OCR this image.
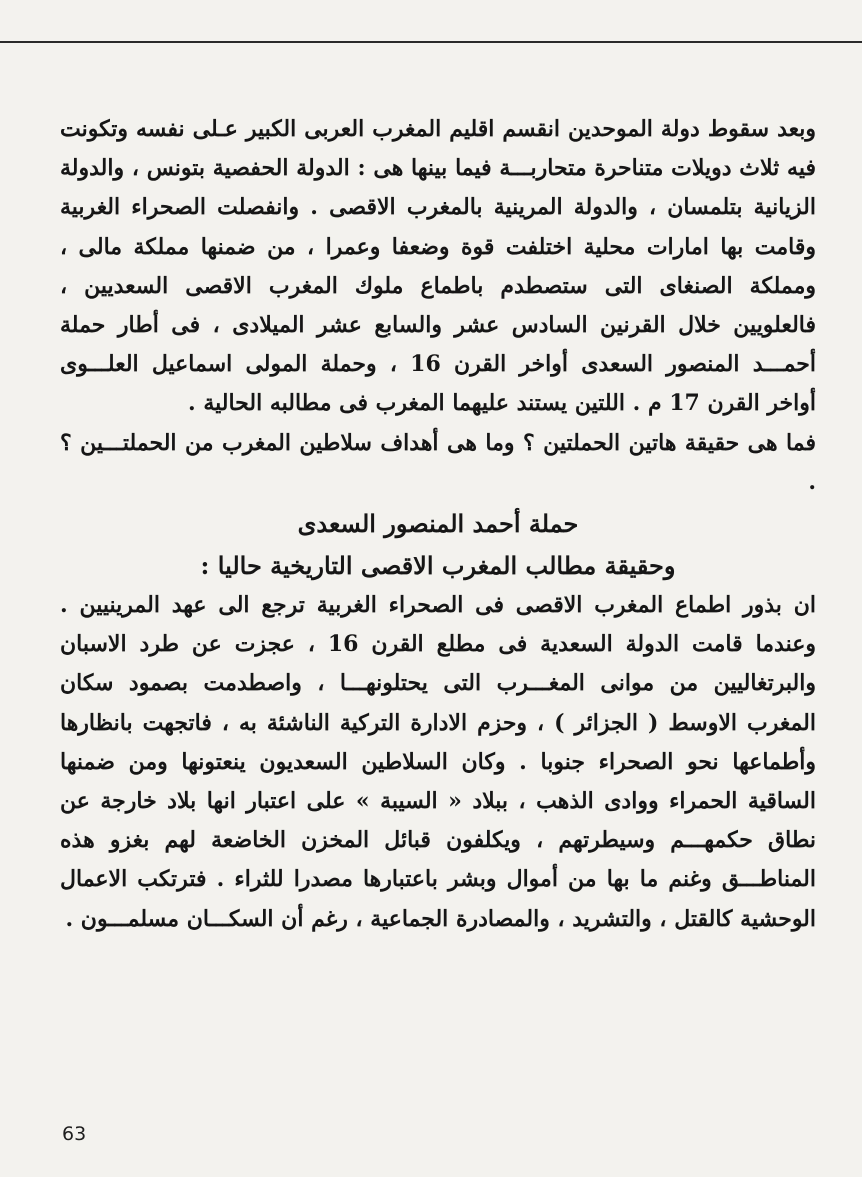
وبعد سقوط دولة الموحدين انقسم اقليم المغرب العربى الكبير عـلى نفسه وتكونت فيه ثلاث دويلات متناحرة متحاربـــة فيما بينها هى : الدولة الحفصية بتونس ، والدولة الزيانية بتلمسان ، والدولة المرينية بالمغرب الاقصى . وانفصلت الصحراء الغربية وقامت بها امارات محلية اختلفت قوة وضعفا وعمرا ، من ضمنها مملكة مالى ، ومملكة الصنغاى التى ستصطدم باطماع ملوك المغرب الاقصى السعديين ، فالعلويين خلال القرنين السادس عشر والسابع عشر الميلادى ، فى أطار حملة أحمـــد المنصور السعدى أواخر القرن 16 ، وحملة المولى اسماعيل العلـــوى أواخر القرن 17 م . اللتين يستند عليهما المغرب فى مطالبه الحالية .

فما هى حقيقة هاتين الحملتين ؟ وما هى أهداف سلاطين المغرب من الحملتـــين ؟ .

حملة أحمد المنصور السعدى
وحقيقة مطالب المغرب الاقصى التاريخية حاليا :

ان بذور اطماع المغرب الاقصى فى الصحراء الغربية ترجع الى عهد المرينيين . وعندما قامت الدولة السعدية فى مطلع القرن 16 ، عجزت عن طرد الاسبان والبرتغاليين من موانى المغـــرب التى يحتلونهـــا ، واصطدمت بصمود سكان المغرب الاوسط ( الجزائر ) ، وحزم الادارة التركية الناشئة به ، فاتجهت بانظارها وأطماعها نحو الصحراء جنوبا . وكان السلاطين السعديون ينعتونها ومن ضمنها الساقية الحمراء ووادى الذهب ، ببلاد « السيبة » على اعتبار انها بلاد خارجة عن نطاق حكمهـــم وسيطرتهم ، ويكلفون قبائل المخزن الخاضعة لهم بغزو هذه المناطـــق وغنم ما بها من أموال وبشر باعتبارها مصدرا للثراء . فترتكب الاعمال الوحشية كالقتل ، والتشريد ، والمصادرة الجماعية ، رغم أن السكـــان مسلمـــون .

63
